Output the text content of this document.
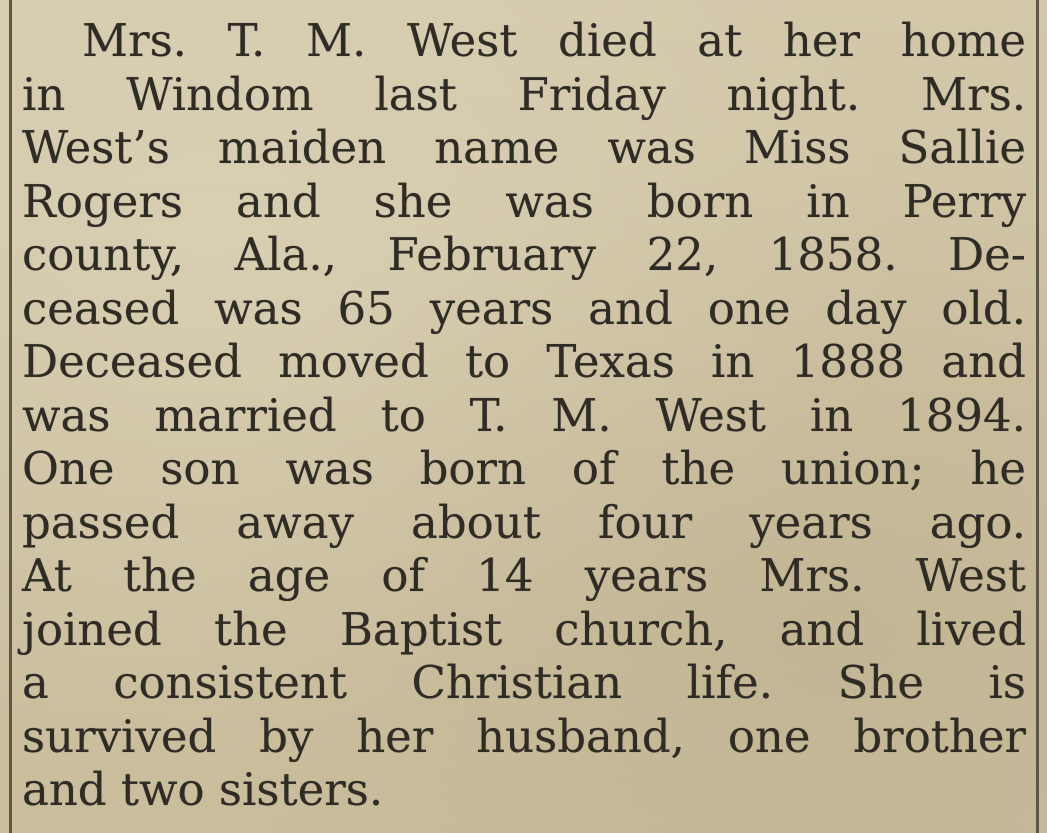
Mrs. T. M. West died at her home
in Windom last Friday night. Mrs.
West’s maiden name was Miss Sallie
Rogers and she was born in Perry
county, Ala., February 22, 1858. De-
ceased was 65 years and one day old.
Deceased moved to Texas in 1888 and
was married to T. M. West in 1894.
One son was born of the union; he
passed away about four years ago.
At the age of 14 years Mrs. West
joined the Baptist church, and lived
a consistent Christian life. She is
survived by her husband, one brother
and two sisters.
